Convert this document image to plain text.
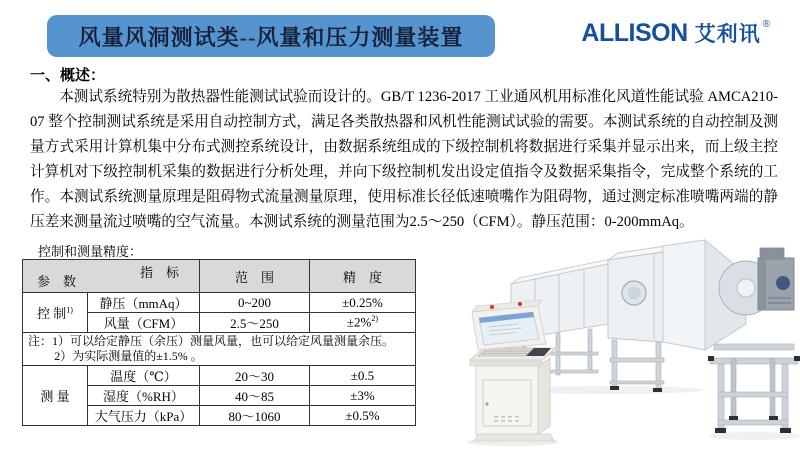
风量风洞测试类--风量和压力测量装置	ALLISON 艾利讯 ®
一、概述：
本测试系统特别为散热器性能测试试验而设计的。GB/T 1236-2017 工业通风机用标准化风道性能试验 AMCA210-07 整个控制测试系统是采用自动控制方式，满足各类散热器和风机性能测试试验的需要。本测试系统的自动控制及测量方式采用计算机集中分布式测控系统设计，由数据系统组成的下级控制机将数据进行采集并显示出来，而上级主控计算机对下级控制机采集的数据进行分析处理，并向下级控制机发出设定值指令及数据采集指令，完成整个系统的工作。本测试系统测量原理是阻碍物式流量测量原理，使用标准长径低速喷嘴作为阻碍物，通过测定标准喷嘴两端的静压差来测量流过喷嘴的空气流量。本测试系统的测量范围为2.5～250（CFM）。静压范围：0-200mmAq。
控制和测量精度：
指　标
参　数		范　围	精　度
控 制$^{1)}$	静压（mmAq）	0~200	±0.25%
	风量（CFM）	2.5～250	±2%$^{2)}$

注：1）可以给定静压（余压）测量风量，也可以给定风量测量余压。
2）为实际测量值的±1.5% 。			

测 量	温度（℃）	20～30	±0.5
	湿度（%RH）	40～85	±3%
	大气压力（kPa）	80～1060	±0.5%
